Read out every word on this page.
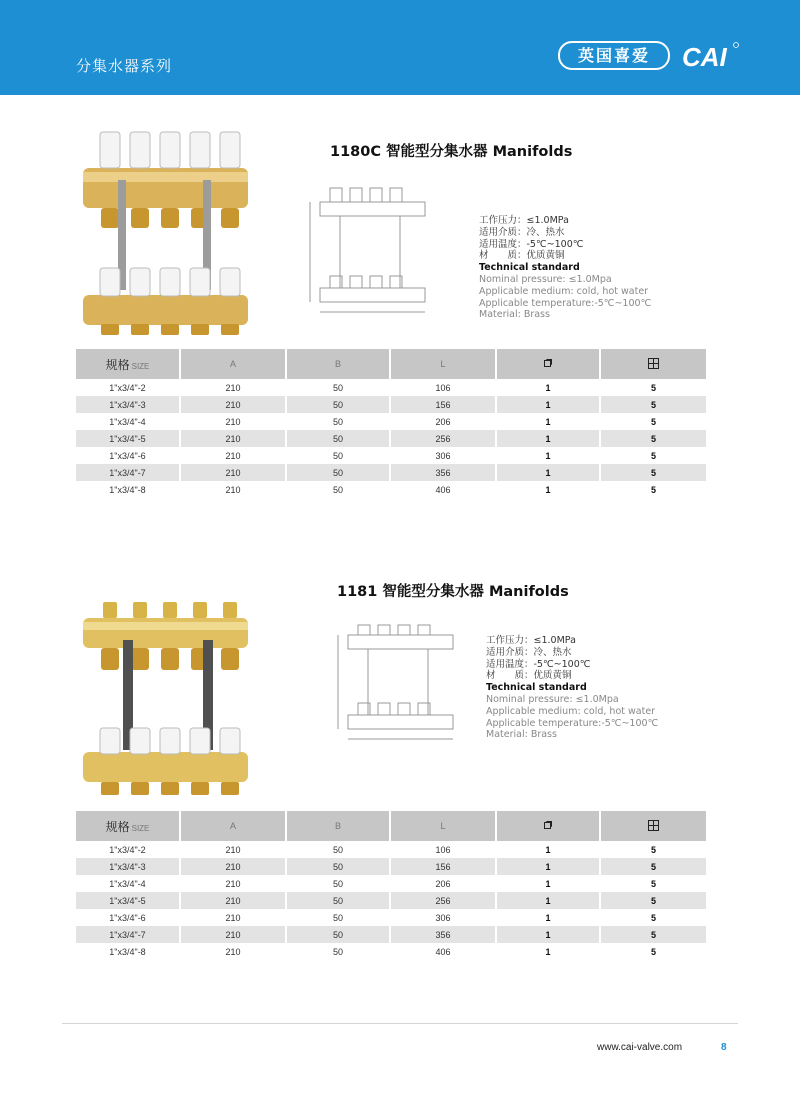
分集水器系列
英国喜爱	CAI
1180C 智能型分集水器 Manifolds
工作压力：≤1.0MPa
适用介质：冷、热水
适用温度：-5℃~100℃
材　　质：优质黄铜
Technical standard
Nominal pressure: ≤1.0Mpa
Applicable medium: cold, hot water
Applicable temperature:-5℃~100℃
Material: Brass
规格 SIZE	A	B	L		
1"x3/4"-2	210	50	106	1	5
1"x3/4"-3	210	50	156	1	5
1"x3/4"-4	210	50	206	1	5
1"x3/4"-5	210	50	256	1	5
1"x3/4"-6	210	50	306	1	5
1"x3/4"-7	210	50	356	1	5
1"x3/4"-8	210	50	406	1	5
1181 智能型分集水器 Manifolds
工作压力：≤1.0MPa
适用介质：冷、热水
适用温度：-5℃~100℃
材　　质：优质黄铜
Technical standard
Nominal pressure: ≤1.0Mpa
Applicable medium: cold, hot water
Applicable temperature:-5℃~100℃
Material: Brass
规格 SIZE	A	B	L		
1"x3/4"-2	210	50	106	1	5
1"x3/4"-3	210	50	156	1	5
1"x3/4"-4	210	50	206	1	5
1"x3/4"-5	210	50	256	1	5
1"x3/4"-6	210	50	306	1	5
1"x3/4"-7	210	50	356	1	5
1"x3/4"-8	210	50	406	1	5
www.cai-valve.com	8
